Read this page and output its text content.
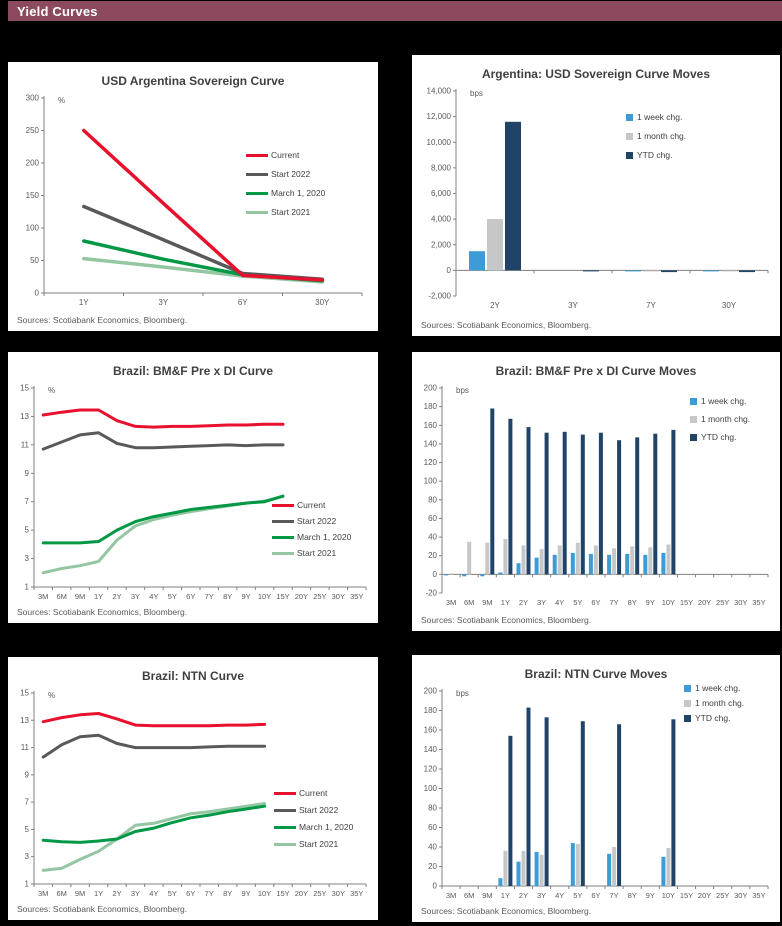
Yield Curves
USD Argentina Sovereign Curve
0
50
100
150
200
250
300
1Y	3Y	6Y	30Y
%
Current
Start 2022
March 1, 2020
Start 2021
Sources: Scotiabank Economics, Bloomberg.
Argentina: USD Sovereign Curve Moves
-2,000
0
2,000
4,000
6,000
8,000
10,000
12,000
14,000
2Y	3Y	7Y	30Y
bps
1 week chg.
1 month chg.
YTD chg.
Sources: Scotiabank Economics, Bloomberg.
Brazil: BM&F Pre x DI Curve
1
3
5
7
9
11
13
15
3M 6M 9M 1Y 2Y 3Y 4Y 5Y 6Y 7Y 8Y 9Y 10Y 15Y 20Y 25Y 30Y 35Y
%
Current
Start 2022
March 1, 2020
Start 2021
Sources: Scotiabank Economics, Bloomberg.
Brazil: BM&F Pre x DI Curve Moves
-20
0
20
40
60
80
100
120
140
160
180
200
3M 6M 9M 1Y 2Y 3Y 4Y 5Y 6Y 7Y 8Y 9Y 10Y 15Y 20Y 25Y 30Y 35Y
bps
1 week chg.
1 month chg.
YTD chg.
Sources: Scotiabank Economics, Bloomberg.
Brazil: NTN Curve
1
3
5
7
9
11
13
15
3M 6M 9M 1Y 2Y 3Y 4Y 5Y 6Y 7Y 8Y 9Y 10Y 15Y 20Y 25Y 30Y 35Y
%
Current
Start 2022
March 1, 2020
Start 2021
Sources: Scotiabank Economics, Bloomberg.
Brazil: NTN Curve Moves
0
20
40
60
80
100
120
140
160
180
200
3M 6M 9M 1Y 2Y 3Y 4Y 5Y 6Y 7Y 8Y 9Y 10Y 15Y 20Y 25Y 30Y 35Y
bps
1 week chg.
1 month chg.
YTD chg.
Sources: Scotiabank Economics, Bloomberg.
